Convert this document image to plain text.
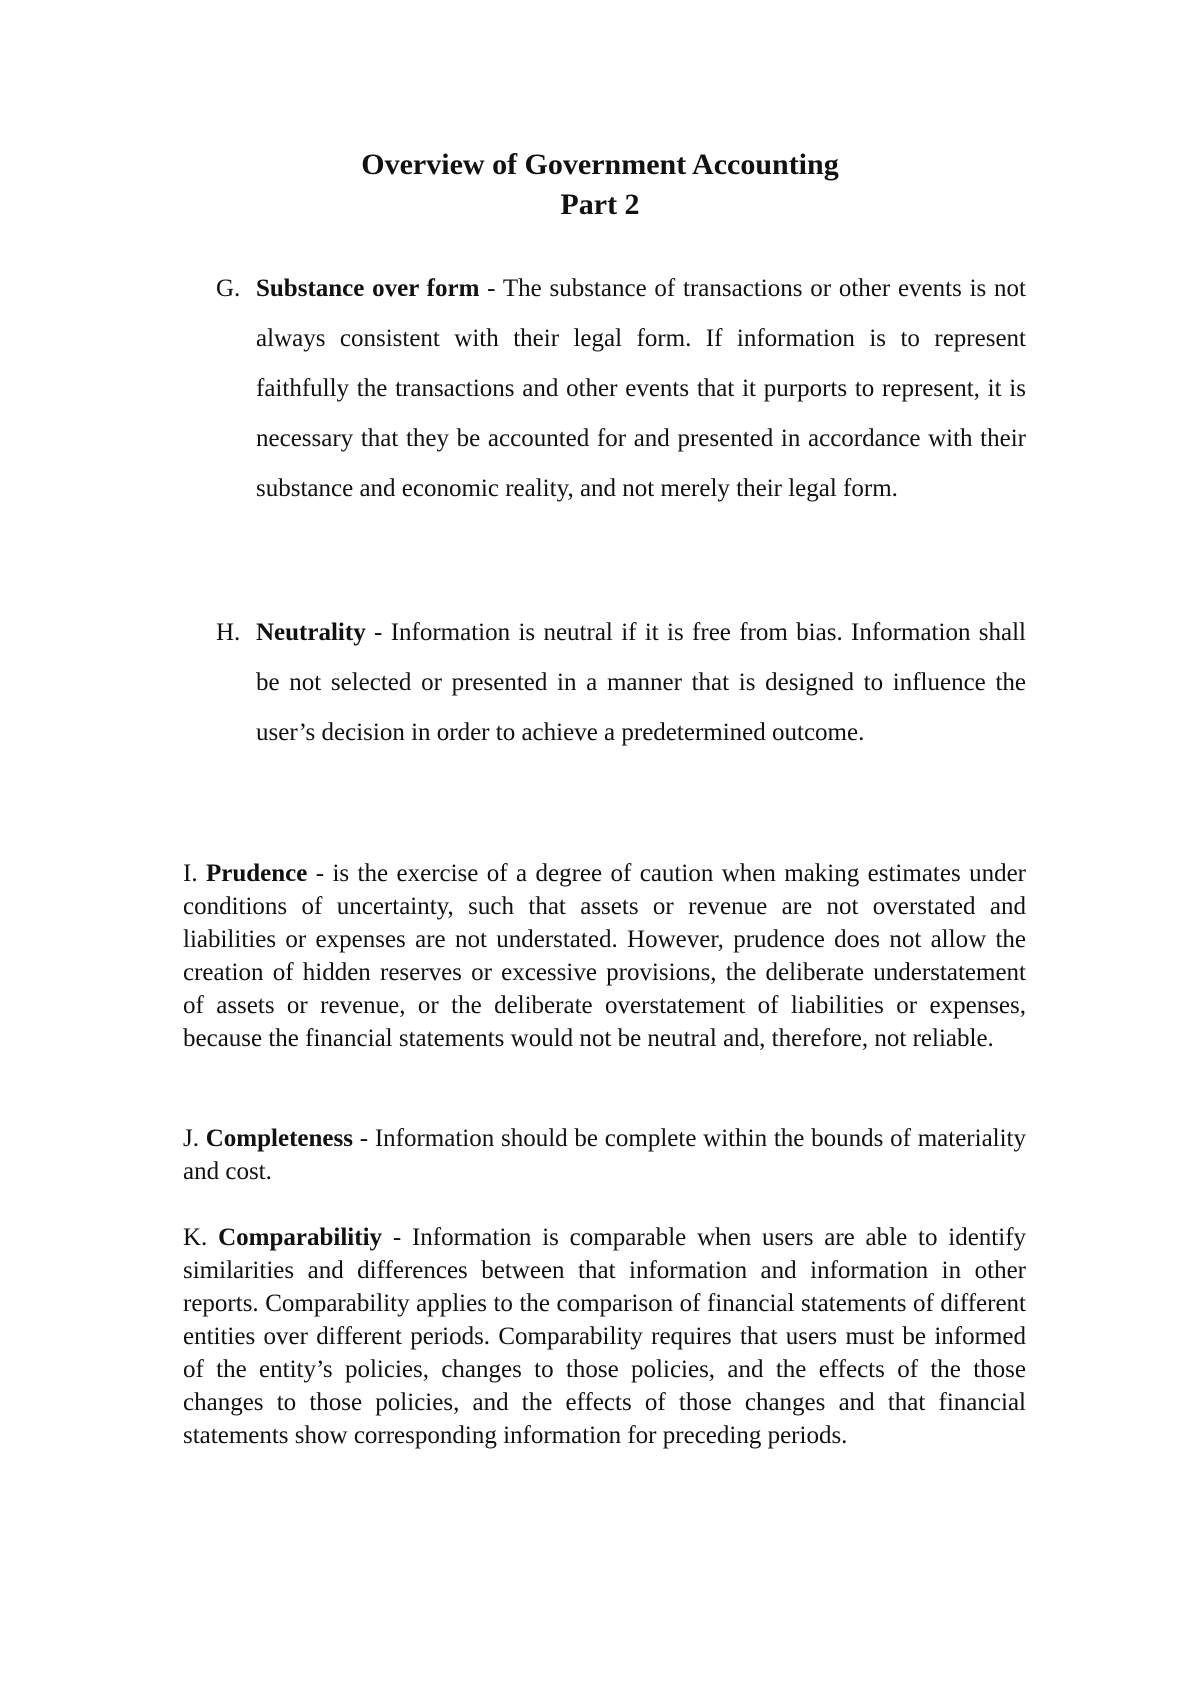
Overview of Government Accounting
Part 2
G. Substance over form - The substance of transactions or other events is not always consistent with their legal form. If information is to represent faithfully the transactions and other events that it purports to represent, it is necessary that they be accounted for and presented in accordance with their substance and economic reality, and not merely their legal form.
H. Neutrality - Information is neutral if it is free from bias. Information shall be not selected or presented in a manner that is designed to influence the user’s decision in order to achieve a predetermined outcome.
I. Prudence - is the exercise of a degree of caution when making estimates under conditions of uncertainty, such that assets or revenue are not overstated and liabilities or expenses are not understated. However, prudence does not allow the creation of hidden reserves or excessive provisions, the deliberate understatement of assets or revenue, or the deliberate overstatement of liabilities or expenses, because the financial statements would not be neutral and, therefore, not reliable.
J. Completeness - Information should be complete within the bounds of materiality and cost.
K. Comparabilitiy - Information is comparable when users are able to identify similarities and differences between that information and information in other reports. Comparability applies to the comparison of financial statements of different entities over different periods. Comparability requires that users must be informed of the entity’s policies, changes to those policies, and the effects of the those changes to those policies, and the effects of those changes and that financial statements show corresponding information for preceding periods.
